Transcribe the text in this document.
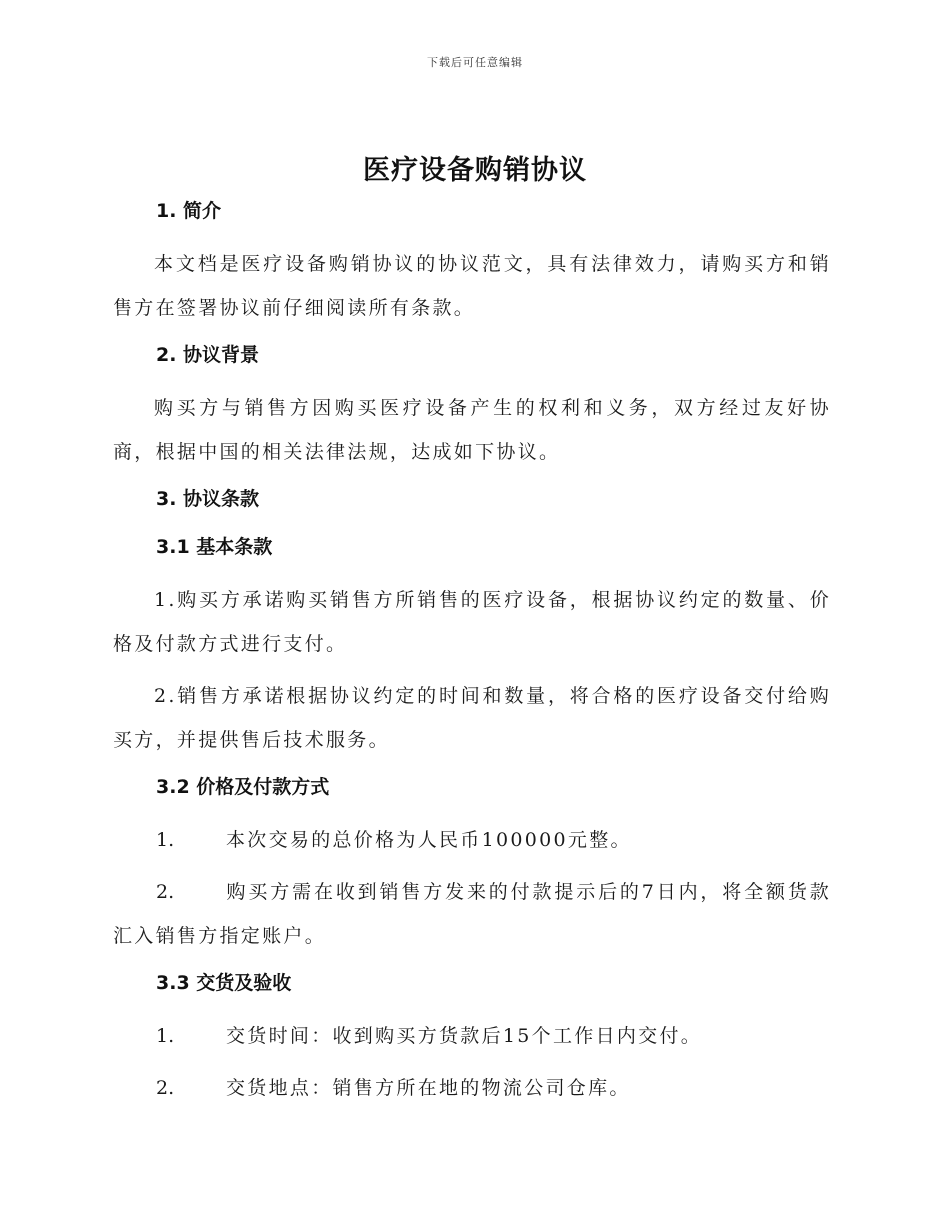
下载后可任意编辑
医疗设备购销协议
1. 简介

本文档是医疗设备购销协议的协议范文，具有法律效力，请购买方和销售方在签署协议前仔细阅读所有条款。

2. 协议背景

购买方与销售方因购买医疗设备产生的权利和义务，双方经过友好协商，根据中国的相关法律法规，达成如下协议。

3. 协议条款
3.1 基本条款

1.购买方承诺购买销售方所销售的医疗设备，根据协议约定的数量、价格及付款方式进行支付。

2.销售方承诺根据协议约定的时间和数量，将合格的医疗设备交付给购买方，并提供售后技术服务。

3.2 价格及付款方式

1.	本次交易的总价格为人民币100000元整。

2.	购买方需在收到销售方发来的付款提示后的7日内，将全额货款汇入销售方指定账户。

3.3 交货及验收

1.	交货时间：收到购买方货款后15个工作日内交付。

2.	交货地点：销售方所在地的物流公司仓库。
